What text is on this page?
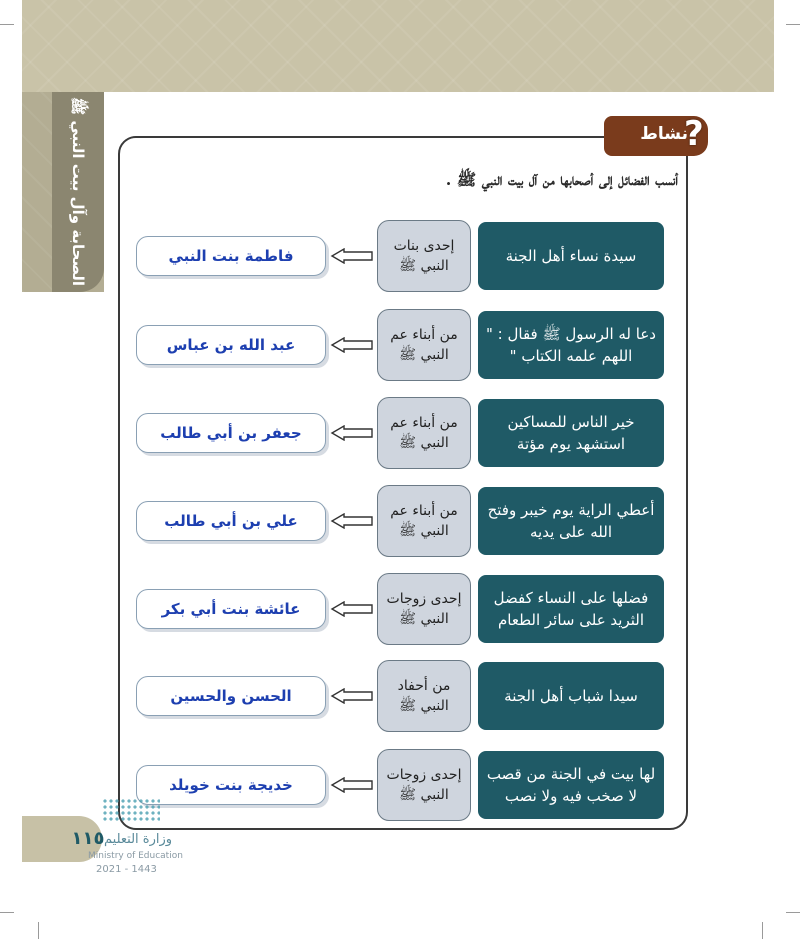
الصحابة وآل بيت النبي ﷺ	نشاط
?
أنسب الفضائل إلى أصحابها من آل بيت النبي ﷺ .
سيدة نساء أهل الجنة
إحدى بنات النبي ﷺ
فاطمة بنت النبي
دعا له الرسول ﷺ فقال : " اللهم علمه الكتاب "
من أبناء عم النبي ﷺ
عبد الله بن عباس
خير الناس للمساكين استشهد يوم مؤتة
من أبناء عم النبي ﷺ
جعفر بن أبي طالب
أعطي الراية يوم خيبر وفتح الله على يديه
من أبناء عم النبي ﷺ
علي بن أبي طالب
فضلها على النساء كفضل الثريد على سائر الطعام
إحدى زوجات النبي ﷺ
عائشة بنت أبي بكر
سيدا شباب أهل الجنة
من أحفاد النبي ﷺ
الحسن والحسين
لها بيت في الجنة من قصب لا صخب فيه ولا نصب
إحدى زوجات النبي ﷺ
خديجة بنت خويلد
١١٥ وزارة التعليم
Ministry of Education
2021 - 1443
